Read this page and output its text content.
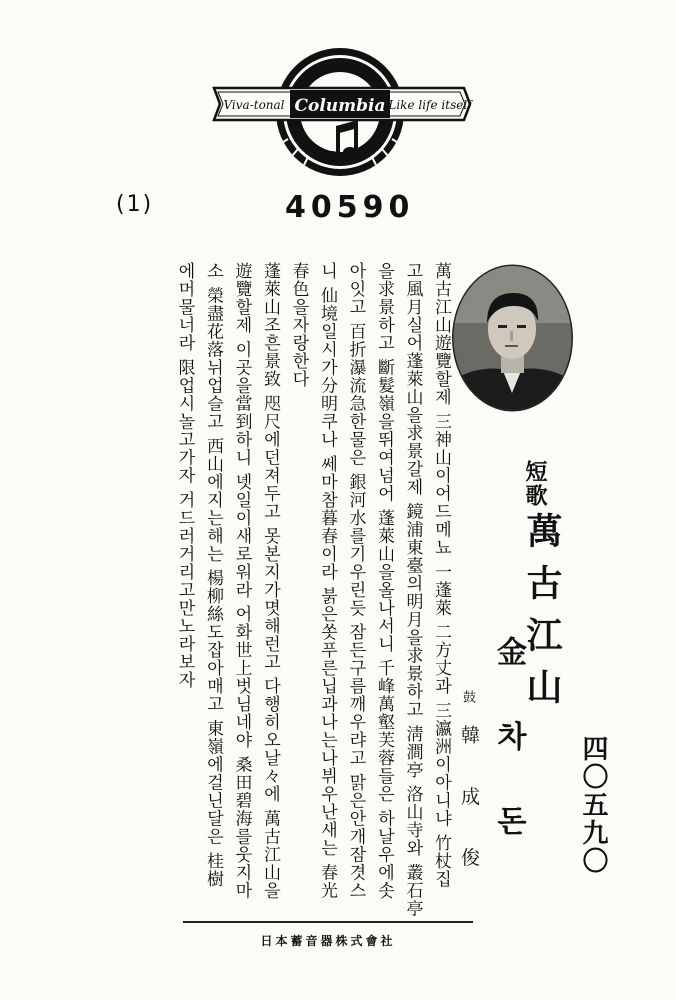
Columbia
Viva-tonal	Like life itself
(1)	40590
短歌
萬古江山
金 차 돈
鼓
韓 成 俊	四〇五九〇
萬古江山遊覽할제 三神山이어드메뇨 一蓬萊 二方丈과 三瀛洲이아니냐 竹杖집
고風月실어蓬萊山을求景갈제 鏡浦東臺의明月을求景하고 淸澗亭 洛山寺와 叢石亭
을求景하고 斷髮嶺을뛰여넘어 蓬萊山을올나서니 千峰萬壑芙蓉들은 하날우에솟
아잇고 百折瀑流急한물은 銀河水를기우린듯 잠든구름깨우랴고 맑은안개잠겻스
니 仙境일시가分明쿠나 쎄마참暮春이라 붉은쏫푸른닙과나는나뷔우난새는 春光
春色을자랑한다
蓬萊山조흔景致 咫尺에던져두고 못본지가몃해런고 다행히오날々에 萬古江山을
遊覽할제 이곳을當到하니 녯일이새로워라 어화世上벗님네야 桑田碧海를웃지마
소 榮盡花落뉘업슬고 西山에지는해는 楊柳絲도잡아매고 東嶺에걸닌달은 桂樹
에머물너라 限업시놀고가자 거드러거리고만노라보자
日本蓄音器株式會社
